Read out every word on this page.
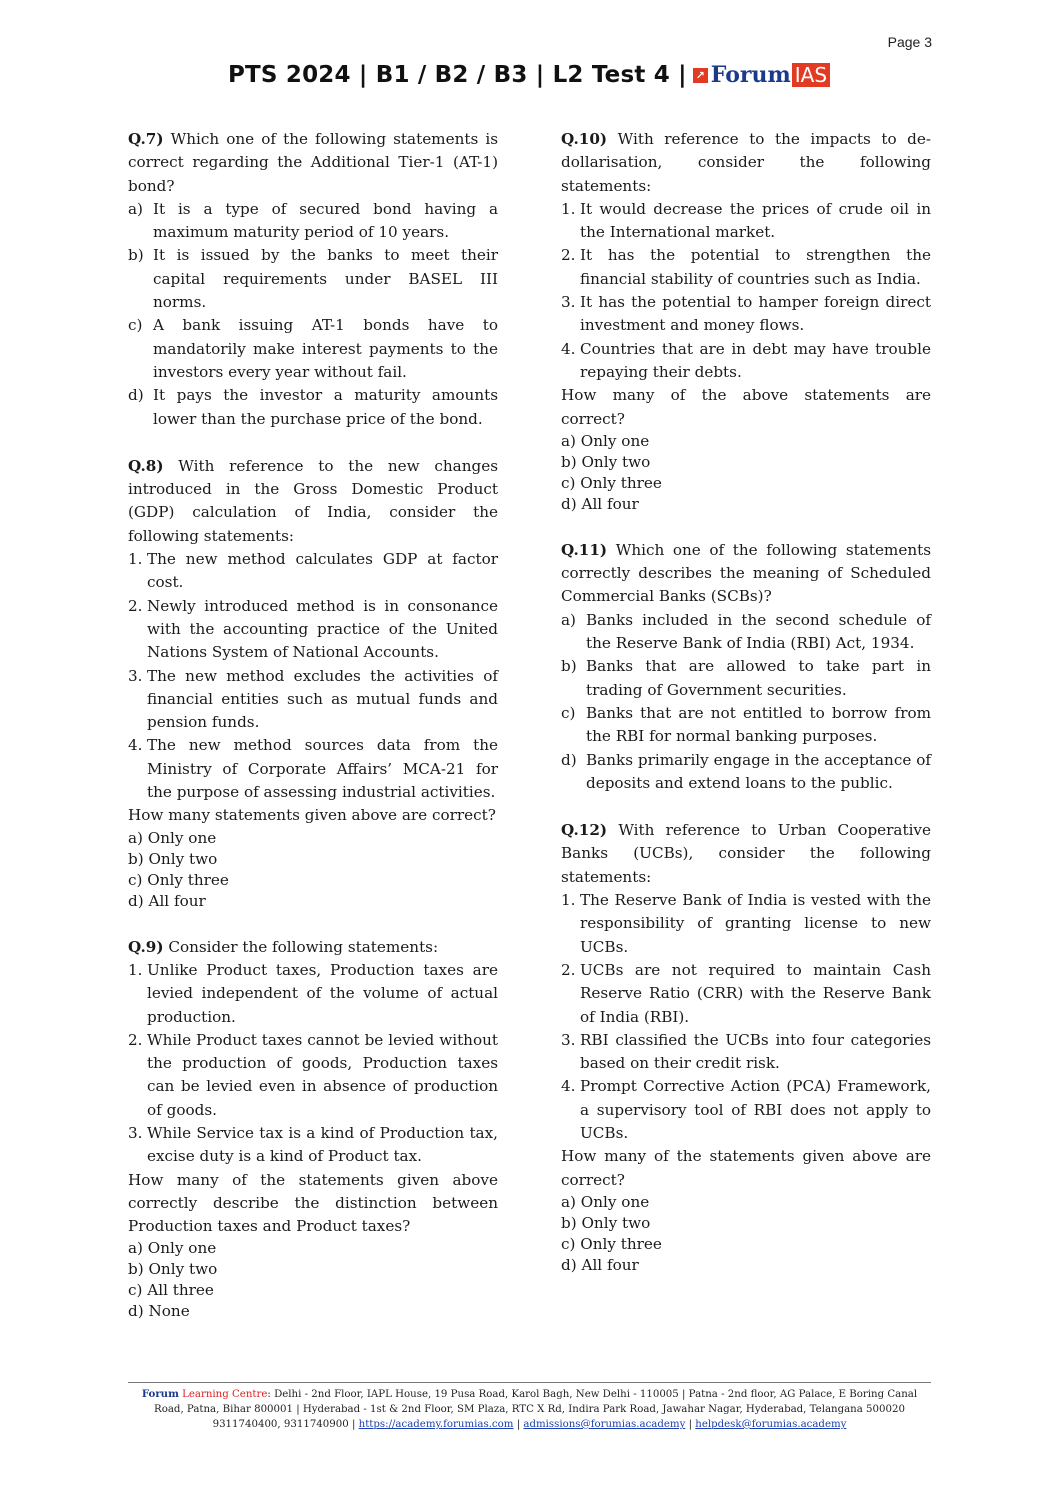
Page 3
PTS 2024 | B1 / B2 / B3 | L2 Test 4 | ↗ Forum IAS

Q.7) Which one of the following statements is correct regarding the Additional Tier-1 (AT-1) bond?

a) It is a type of secured bond having a maximum maturity period of 10 years.
b) It is issued by the banks to meet their capital requirements under BASEL III norms.
c) A bank issuing AT-1 bonds have to mandatorily make interest payments to the investors every year without fail.
d) It pays the investor a maturity amounts lower than the purchase price of the bond.

Q.8) With reference to the new changes introduced in the Gross Domestic Product (GDP) calculation of India, consider the following statements:

1. The new method calculates GDP at factor cost.
2. Newly introduced method is in consonance with the accounting practice of the United Nations System of National Accounts.
3. The new method excludes the activities of financial entities such as mutual funds and pension funds.
4. The new method sources data from the Ministry of Corporate Affairs’ MCA-21 for the purpose of assessing industrial activities.

How many statements given above are correct?

a) Only one
b) Only two
c) Only three
d) All four

Q.9) Consider the following statements:

1. Unlike Product taxes, Production taxes are levied independent of the volume of actual production.
2. While Product taxes cannot be levied without the production of goods, Production taxes can be levied even in absence of production of goods.
3. While Service tax is a kind of Production tax, excise duty is a kind of Product tax.

How many of the statements given above correctly describe the distinction between Production taxes and Product taxes?

a) Only one
b) Only two
c) All three
d) None

Q.10) With reference to the impacts to de-dollarisation, consider the following statements:

1. It would decrease the prices of crude oil in the International market.
2. It has the potential to strengthen the financial stability of countries such as India.
3. It has the potential to hamper foreign direct investment and money flows.
4. Countries that are in debt may have trouble repaying their debts.

How many of the above statements are correct?

a) Only one
b) Only two
c) Only three
d) All four

Q.11) Which one of the following statements correctly describes the meaning of Scheduled Commercial Banks (SCBs)?

a) Banks included in the second schedule of the Reserve Bank of India (RBI) Act, 1934.
b) Banks that are allowed to take part in trading of Government securities.
c) Banks that are not entitled to borrow from the RBI for normal banking purposes.
d) Banks primarily engage in the acceptance of deposits and extend loans to the public.

Q.12) With reference to Urban Cooperative Banks (UCBs), consider the following statements:

1. The Reserve Bank of India is vested with the responsibility of granting license to new UCBs.
2. UCBs are not required to maintain Cash Reserve Ratio (CRR) with the Reserve Bank of India (RBI).
3. RBI classified the UCBs into four categories based on their credit risk.
4. Prompt Corrective Action (PCA) Framework, a supervisory tool of RBI does not apply to UCBs.

How many of the statements given above are correct?

a) Only one
b) Only two
c) Only three
d) All four
Forum Learning Centre: Delhi - 2nd Floor, IAPL House, 19 Pusa Road, Karol Bagh, New Delhi - 110005 | Patna - 2nd floor, AG Palace, E Boring Canal Road, Patna, Bihar 800001 | Hyderabad - 1st & 2nd Floor, SM Plaza, RTC X Rd, Indira Park Road, Jawahar Nagar, Hyderabad, Telangana 500020
9311740400, 9311740900 | https://academy.forumias.com | admissions@forumias.academy | helpdesk@forumias.academy
